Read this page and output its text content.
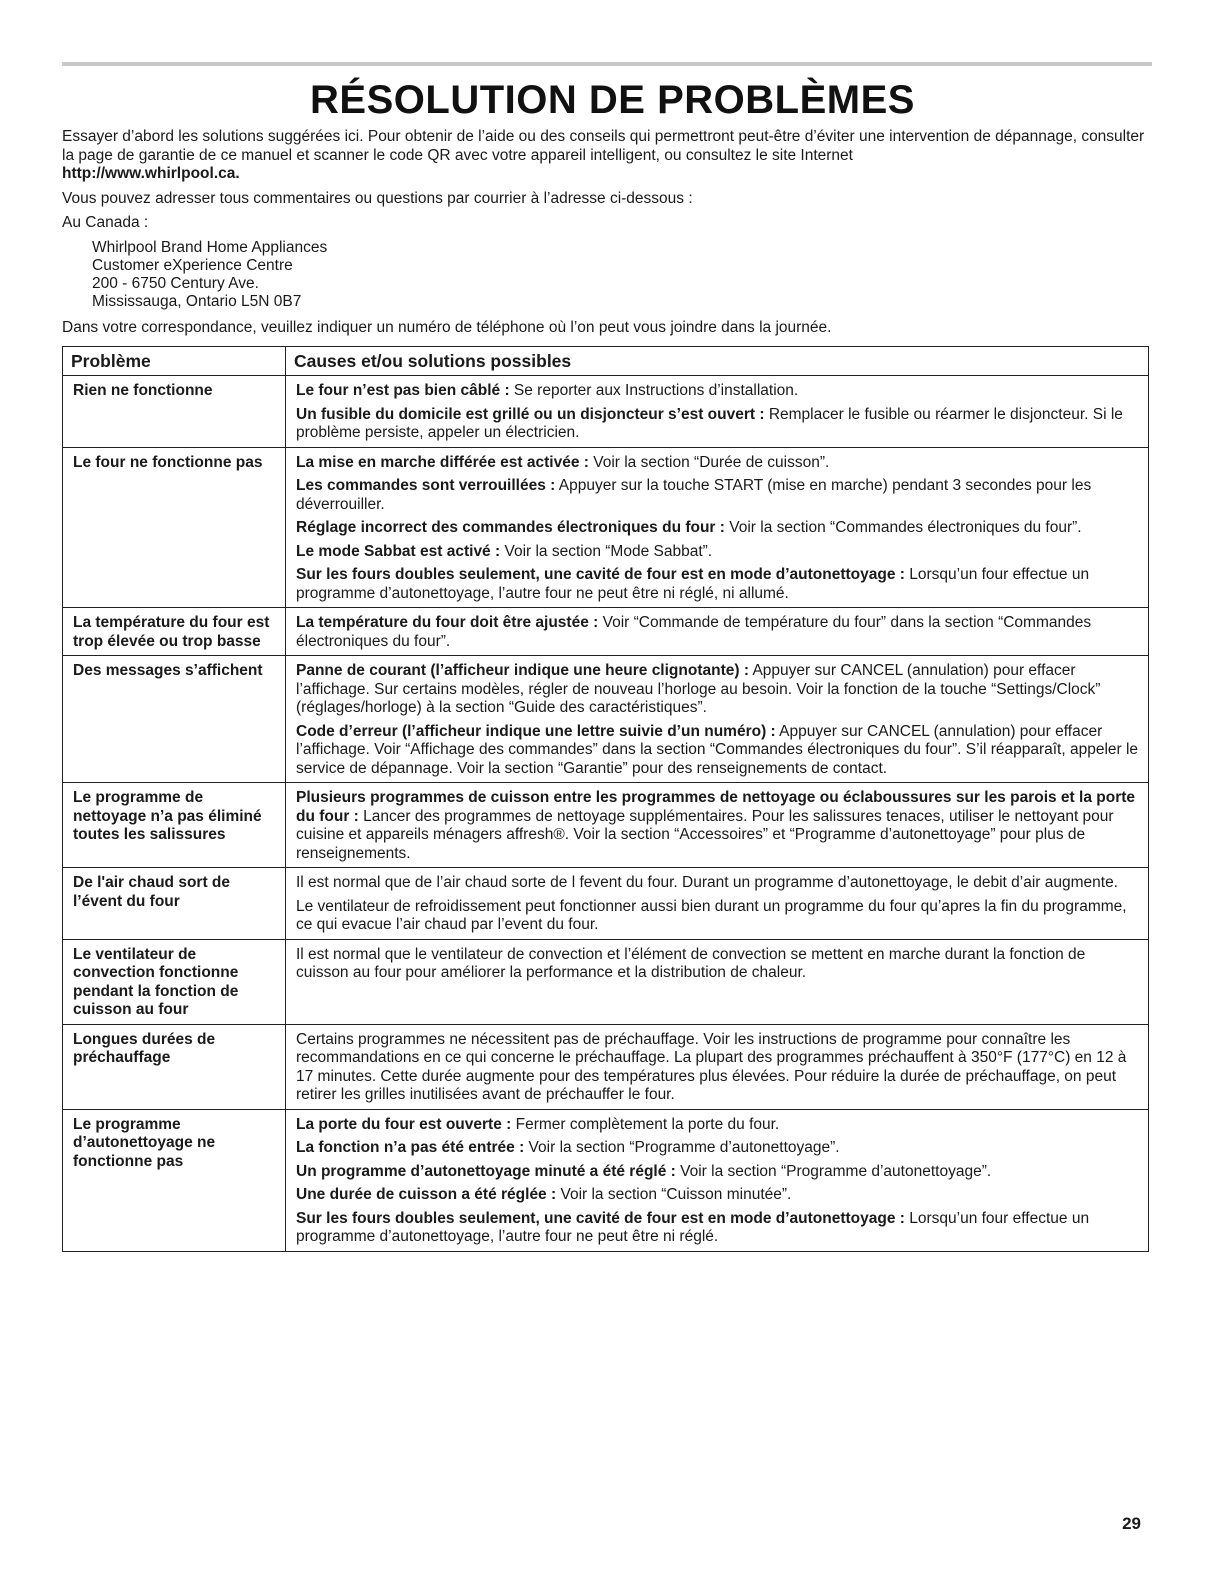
RÉSOLUTION DE PROBLÈMES

Essayer d’abord les solutions suggérées ici. Pour obtenir de l’aide ou des conseils qui permettront peut-être d’éviter une intervention de dépannage, consulter la page de garantie de ce manuel et scanner le code QR avec votre appareil intelligent, ou consultez le site Internet
http://www.whirlpool.ca.

Vous pouvez adresser tous commentaires ou questions par courrier à l’adresse ci-dessous :

Au Canada :

Whirlpool Brand Home Appliances
Customer eXperience Centre
200 - 6750 Century Ave.
Mississauga, Ontario L5N 0B7

Dans votre correspondance, veuillez indiquer un numéro de téléphone où l’on peut vous joindre dans la journée.

Problème	Causes et/ou solutions possibles
Rien ne fonctionne	Le four n’est pas bien câblé : Se reporter aux Instructions d’installation.
Un fusible du domicile est grillé ou un disjoncteur s’est ouvert : Remplacer le fusible ou réarmer le disjoncteur. Si le problème persiste, appeler un électricien.

Le four ne fonctionne pas	La mise en marche différée est activée : Voir la section “Durée de cuisson”.
Les commandes sont verrouillées : Appuyer sur la touche START (mise en marche) pendant 3 secondes pour les déverrouiller.
Réglage incorrect des commandes électroniques du four : Voir la section “Commandes électroniques du four”.
Le mode Sabbat est activé : Voir la section “Mode Sabbat”.
Sur les fours doubles seulement, une cavité de four est en mode d’autonettoyage : Lorsqu’un four effectue un programme d’autonettoyage, l’autre four ne peut être ni réglé, ni allumé.

La température du four est trop élevée ou trop basse	La température du four doit être ajustée : Voir “Commande de température du four” dans la section “Commandes électroniques du four”.

Des messages s’affichent	Panne de courant (l’afficheur indique une heure clignotante) : Appuyer sur CANCEL (annulation) pour effacer l’affichage. Sur certains modèles, régler de nouveau l’horloge au besoin. Voir la fonction de la touche “Settings/Clock” (réglages/horloge) à la section “Guide des caractéristiques”.
Code d’erreur (l’afficheur indique une lettre suivie d’un numéro) : Appuyer sur CANCEL (annulation) pour effacer l’affichage. Voir “Affichage des commandes” dans la section “Commandes électroniques du four”. S’il réapparaît, appeler le service de dépannage. Voir la section “Garantie” pour des renseignements de contact.

Le programme de nettoyage n’a pas éliminé toutes les salissures	Plusieurs programmes de cuisson entre les programmes de nettoyage ou éclaboussures sur les parois et la porte du four : Lancer des programmes de nettoyage supplémentaires. Pour les salissures tenaces, utiliser le nettoyant pour cuisine et appareils ménagers affresh®. Voir la section “Accessoires” et “Programme d’autonettoyage” pour plus de renseignements.

De l'air chaud sort de l’évent du four	Il est normal que de l’air chaud sorte de l fevent du four. Durant un programme d’autonettoyage, le debit d’air augmente.
Le ventilateur de refroidissement peut fonctionner aussi bien durant un programme du four qu’apres la fin du programme, ce qui evacue l’air chaud par l’event du four.

Le ventilateur de convection fonctionne pendant la fonction de cuisson au four	Il est normal que le ventilateur de convection et l’élément de convection se mettent en marche durant la fonction de cuisson au four pour améliorer la performance et la distribution de chaleur.

Longues durées de préchauffage	Certains programmes ne nécessitent pas de préchauffage. Voir les instructions de programme pour connaître les recommandations en ce qui concerne le préchauffage. La plupart des programmes préchauffent à 350°F (177°C) en 12 à 17 minutes. Cette durée augmente pour des températures plus élevées. Pour réduire la durée de préchauffage, on peut retirer les grilles inutilisées avant de préchauffer le four.

Le programme d’autonettoyage ne fonctionne pas	La porte du four est ouverte : Fermer complètement la porte du four.
La fonction n’a pas été entrée : Voir la section “Programme d’autonettoyage”.
Un programme d’autonettoyage minuté a été réglé : Voir la section “Programme d’autonettoyage”.
Une durée de cuisson a été réglée : Voir la section “Cuisson minutée”.
Sur les fours doubles seulement, une cavité de four est en mode d’autonettoyage : Lorsqu’un four effectue un programme d’autonettoyage, l’autre four ne peut être ni réglé.
29
